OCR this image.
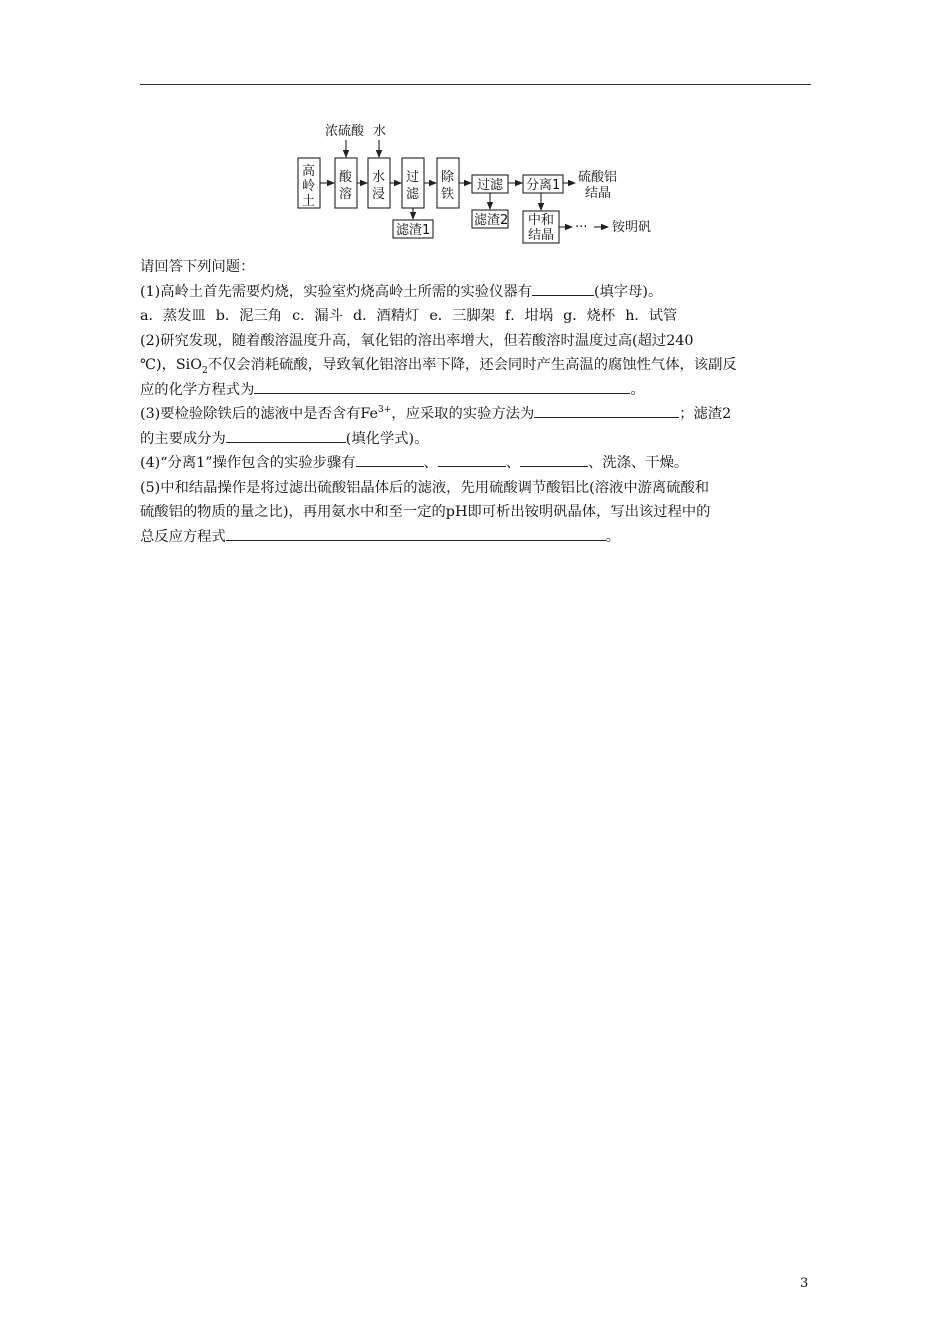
浓硫酸 水
高
岭
土
酸
溶
水
浸
过
滤
除
铁
过滤 分离1
滤渣1
滤渣2 中和
结晶
硫酸铝
结晶
··· 铵明矾

请回答下列问题：

(1)高岭土首先需要灼烧，实验室灼烧高岭土所需的实验仪器有	(填字母)。

a．蒸发皿 b．泥三角 c．漏斗 d．酒精灯 e．三脚架 f．坩埚 g．烧杯 h．试管

(2)研究发现，随着酸溶温度升高，氧化铝的溶出率增大，但若酸溶时温度过高(超过240

℃)，SiO$_2$不仅会消耗硫酸，导致氧化铝溶出率下降，还会同时产生高温的腐蚀性气体，该副反

应的化学方程式为	。

(3)要检验除铁后的滤液中是否含有$Fe^{3+}$，应采取的实验方法为	；滤渣2

的主要成分为	(填化学式)。

(4)“分离1”操作包含的实验步骤有	、	、	、洗涤、干燥。

(5)中和结晶操作是将过滤出硫酸铝晶体后的滤液，先用硫酸调节酸铝比(溶液中游离硫酸和

硫酸铝的物质的量之比)，再用氨水中和至一定的pH即可析出铵明矾晶体，写出该过程中的

总反应方程式	。

3
